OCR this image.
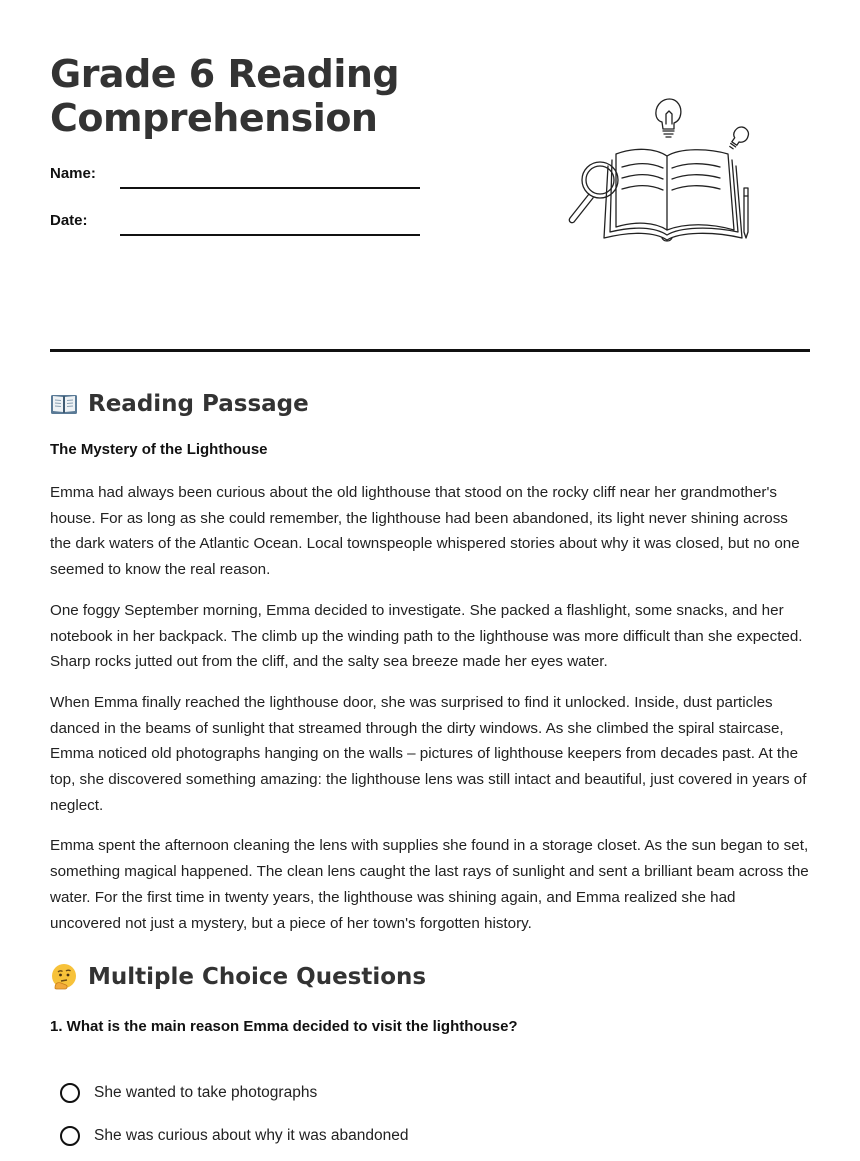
Grade 6 Reading
Comprehension
Name:
Date:
Reading Passage
The Mystery of the Lighthouse

Emma had always been curious about the old lighthouse that stood on the rocky cliff near her grandmother's house. For as long as she could remember, the lighthouse had been abandoned, its light never shining across the dark waters of the Atlantic Ocean. Local townspeople whispered stories about why it was closed, but no one seemed to know the real reason.

One foggy September morning, Emma decided to investigate. She packed a flashlight, some snacks, and her notebook in her backpack. The climb up the winding path to the lighthouse was more difficult than she expected. Sharp rocks jutted out from the cliff, and the salty sea breeze made her eyes water.

When Emma finally reached the lighthouse door, she was surprised to find it unlocked. Inside, dust particles danced in the beams of sunlight that streamed through the dirty windows. As she climbed the spiral staircase, Emma noticed old photographs hanging on the walls – pictures of lighthouse keepers from decades past. At the top, she discovered something amazing: the lighthouse lens was still intact and beautiful, just covered in years of neglect.

Emma spent the afternoon cleaning the lens with supplies she found in a storage closet. As the sun began to set, something magical happened. The clean lens caught the last rays of sunlight and sent a brilliant beam across the water. For the first time in twenty years, the lighthouse was shining again, and Emma realized she had uncovered not just a mystery, but a piece of her town's forgotten history.

Multiple Choice Questions
1. What is the main reason Emma decided to visit the lighthouse?
She wanted to take photographs
She was curious about why it was abandoned
